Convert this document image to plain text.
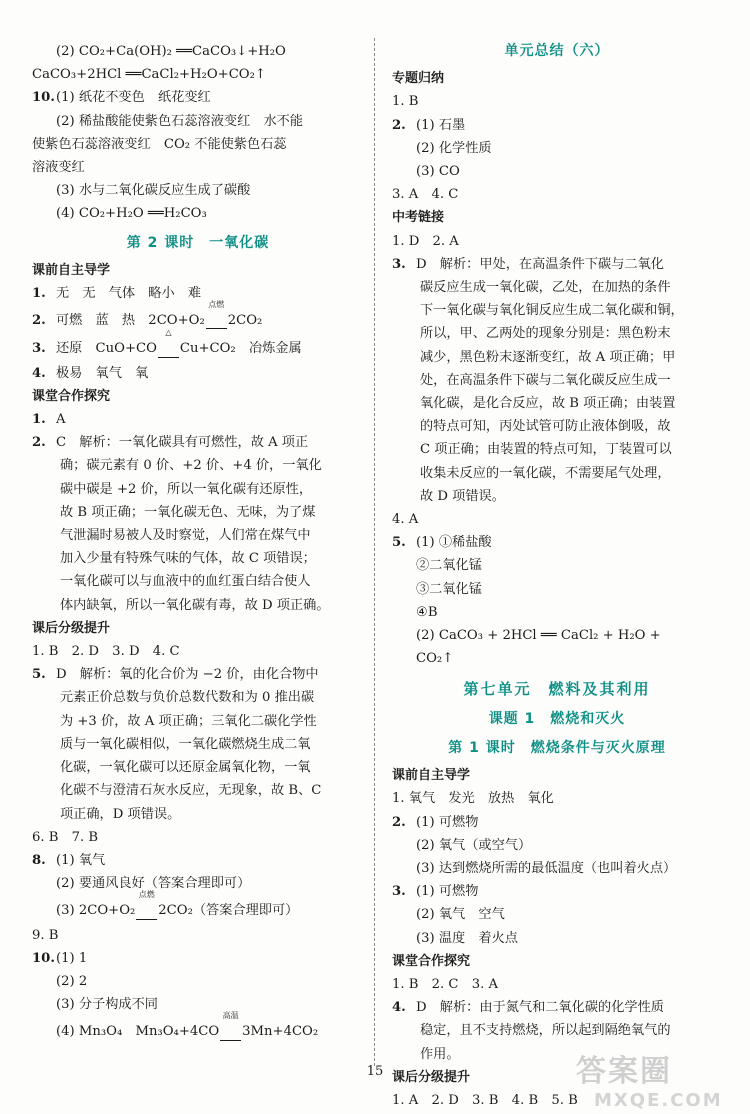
(2) CO₂+Ca(OH)₂ ══CaCO₃↓+H₂O
CaCO₃+2HCl ══CaCl₂+H₂O+CO₂↑
10.(1) 纸花不变色　纸花变红
(2) 稀盐酸能使紫色石蕊溶液变红　水不能
使紫色石蕊溶液变红　CO₂ 不能使紫色石蕊
溶液变红
(3) 水与二氧化碳反应生成了碳酸
(4) CO₂+H₂O ══H₂CO₃
第 2 课时　一氧化碳
课前自主导学
1. 无　无　气体　略小　难
2. 可燃　蓝　热　2CO+O₂
点燃
2CO₂
3. 还原　CuO+CO
△
Cu+CO₂　冶炼金属
4. 极易　氧气　氧
课堂合作探究
1. A
2. C　解析：一氧化碳具有可燃性，故 A 项正
确；碳元素有 0 价、+2 价、+4 价，一氧化
碳中碳是 +2 价，所以一氧化碳有还原性，
故 B 项正确；一氧化碳无色、无味，为了煤
气泄漏时易被人及时察觉，人们常在煤气中
加入少量有特殊气味的气体，故 C 项错误；
一氧化碳可以与血液中的血红蛋白结合使人
体内缺氧，所以一氧化碳有毒，故 D 项正确。
课后分级提升
1. B　2. D　3. D　4. C
5. D　解析：氧的化合价为 −2 价，由化合物中
元素正价总数与负价总数代数和为 0 推出碳
为 +3 价，故 A 项正确；三氧化二碳化学性
质与一氧化碳相似，一氧化碳燃烧生成二氧
化碳，一氧化碳可以还原金属氧化物，一氧
化碳不与澄清石灰水反应，无现象，故 B、C
项正确，D 项错误。
6. B　7. B
8. (1) 氧气
(2) 要通风良好（答案合理即可）
(3) 2CO+O₂
点燃
2CO₂（答案合理即可）
9. B
10.(1) 1
(2) 2
(3) 分子构成不同
(4) Mn₃O₄　Mn₃O₄+4CO
高温
3Mn+4CO₂
单元总结（六）
专题归纳
1. B
2. (1) 石墨
(2) 化学性质
(3) CO
3. A　4. C
中考链接
1. D　2. A
3. D　解析：甲处，在高温条件下碳与二氧化
碳反应生成一氧化碳，乙处，在加热的条件
下一氧化碳与氧化铜反应生成二氧化碳和铜，
所以，甲、乙两处的现象分别是：黑色粉末
减少，黑色粉末逐渐变红，故 A 项正确；甲
处，在高温条件下碳与二氧化碳反应生成一
氧化碳，是化合反应，故 B 项正确；由装置
的特点可知，丙处试管可防止液体倒吸，故
C 项正确；由装置的特点可知，丁装置可以
收集未反应的一氧化碳，不需要尾气处理，
故 D 项错误。
4. A
5. (1) ①稀盐酸
②二氧化锰
③二氧化锰
④B
(2) CaCO₃ + 2HCl ══ CaCl₂ + H₂O +
CO₂↑
第七单元　燃料及其利用
课题 1　燃烧和灭火
第 1 课时　燃烧条件与灭火原理
课前自主导学
1. 氧气　发光　放热　氧化
2. (1) 可燃物
(2) 氧气（或空气）
(3) 达到燃烧所需的最低温度（也叫着火点）
3. (1) 可燃物
(2) 氧气　空气
(3) 温度　着火点
课堂合作探究
1. B　2. C　3. A
4. D　解析：由于氮气和二氧化碳的化学性质
稳定，且不支持燃烧，所以起到隔绝氧气的
作用。
课后分级提升
1. A　2. D　3. B　4. B　5. B
15	答案圈
MXQE.COM
